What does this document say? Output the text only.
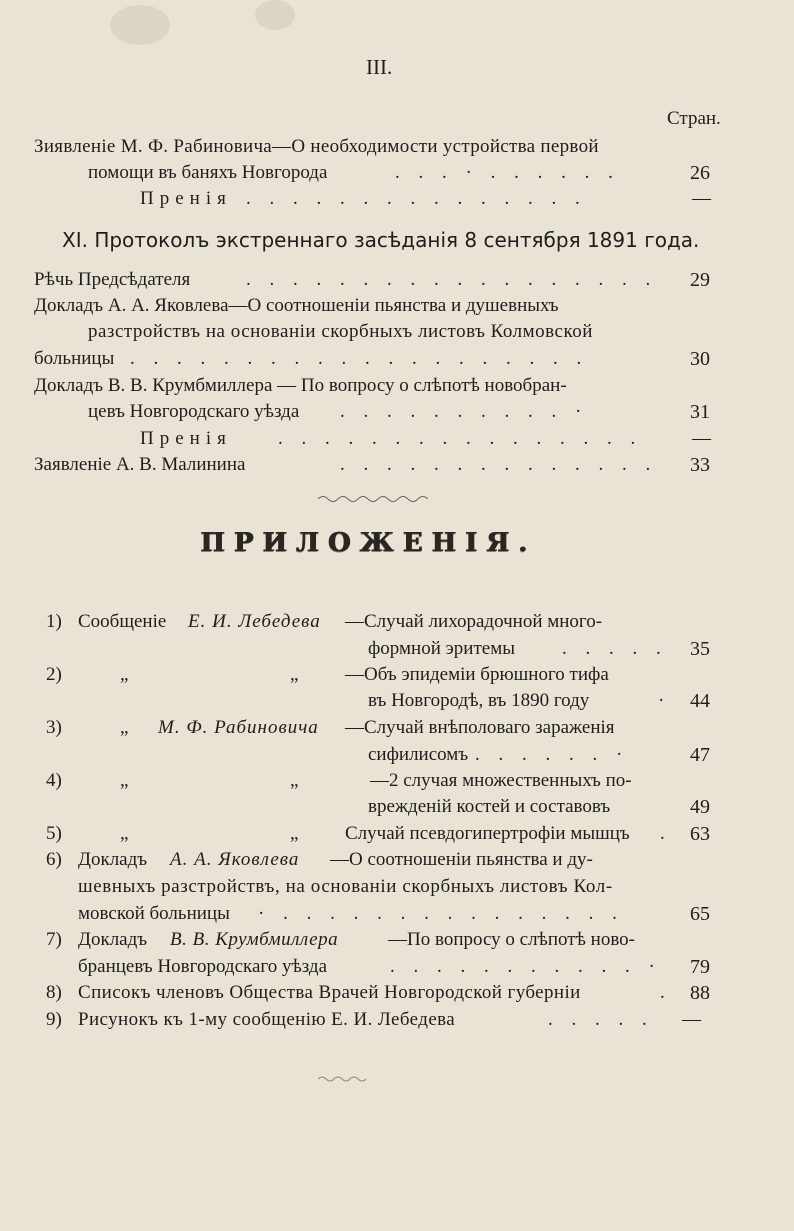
III.
Стран.
Зиявленіе М. Ф. Рабиновича—О необходимости устройства первой
помощи въ баняхъ Новгорода	. . . · . . . . . .	26
Пренія . . . . . . . . . . . . . . .	—
XI. Протоколъ экстреннаго засѣданія 8 сентября 1891 года.
Рѣчь Предсѣдателя	. . . . . . . . . . . . . . . . . . 29
Докладъ А. А. Яковлева—О соотношеніи пьянства и душевныхъ
разстройствъ на основаніи скорбныхъ листовъ Колмовской
больницы . . . . . . . . . . . . . . . . . . . .	30
Докладъ В. В. Крумбмиллера — По вопросу о слѣпотѣ новобран-
цевъ Новгородскаго уѣзда . . . . . . . . . . ·	31
Пренія . . . . . . . . . . . . . . . .	—
Заявленіе А. В. Малинина	. . . . . . . . . . . . . . 33
ПРИЛОЖЕНІЯ.
1) Сообщеніе Е. И. Лебедева —Случай лихорадочной много-
формной эритемы . . . . . 35
2)	„	„ —Объ эпидеміи брюшного тифа
въ Новгородѣ, въ 1890 году	· 44
3)	„ М. Ф. Рабиновича —Случай внѣполоваго зараженія
сифилисомъ . . . . . . ·	47
4)	„	„	—2 случая множественныхъ по-
врежденій костей и составовъ	49
5)	„	„ Случай псевдогипертрофіи мышцъ . 63
6) Докладъ А. А. Яковлева —О соотношеніи пьянства и ду-
шевныхъ разстройствъ, на основаніи скорбныхъ листовъ Кол-
мовской больницы · . . . . . . . . . . . . . . .	65
7) Докладъ В. В. Крумбмиллера	—По вопросу о слѣпотѣ ново-
бранцевъ Новгородскаго уѣзда	. . . . . . . . . . . · 79
8) Списокъ членовъ Общества Врачей Новгородской губерніи	. 88
9) Рисунокъ къ 1-му сообщенію Е. И. Лебедева	. . . . . —
